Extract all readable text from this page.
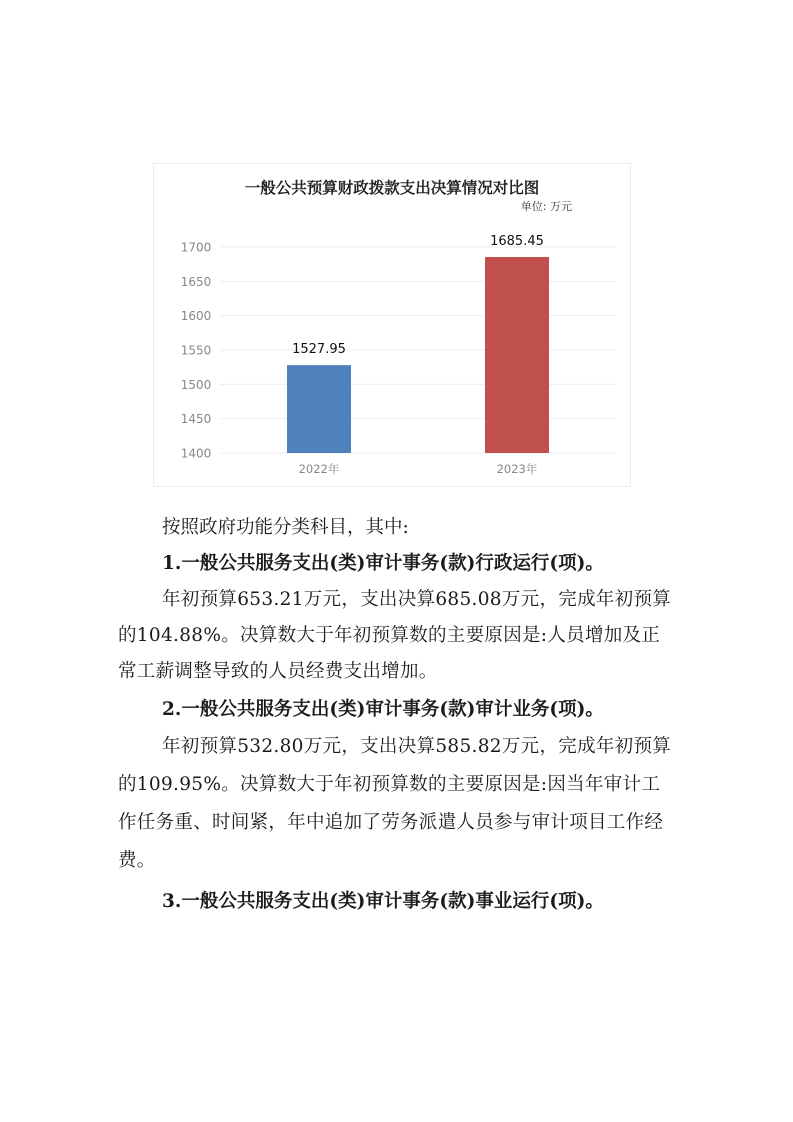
一般公共预算财政拨款支出决算情况对比图
单位: 万元
1400
1450
1500
1550
1600
1650
1700
1527.95
2022年
1685.45
2023年

按照政府功能分类科目，其中:

1.一般公共服务支出(类)审计事务(款)行政运行(项)。

年初预算653.21万元，支出决算685.08万元，完成年初预算的104.88%。决算数大于年初预算数的主要原因是:人员增加及正常工薪调整导致的人员经费支出增加。

2.一般公共服务支出(类)审计事务(款)审计业务(项)。

年初预算532.80万元，支出决算585.82万元，完成年初预算的109.95%。决算数大于年初预算数的主要原因是:因当年审计工作任务重、时间紧，年中追加了劳务派遣人员参与审计项目工作经费。

3.一般公共服务支出(类)审计事务(款)事业运行(项)。
